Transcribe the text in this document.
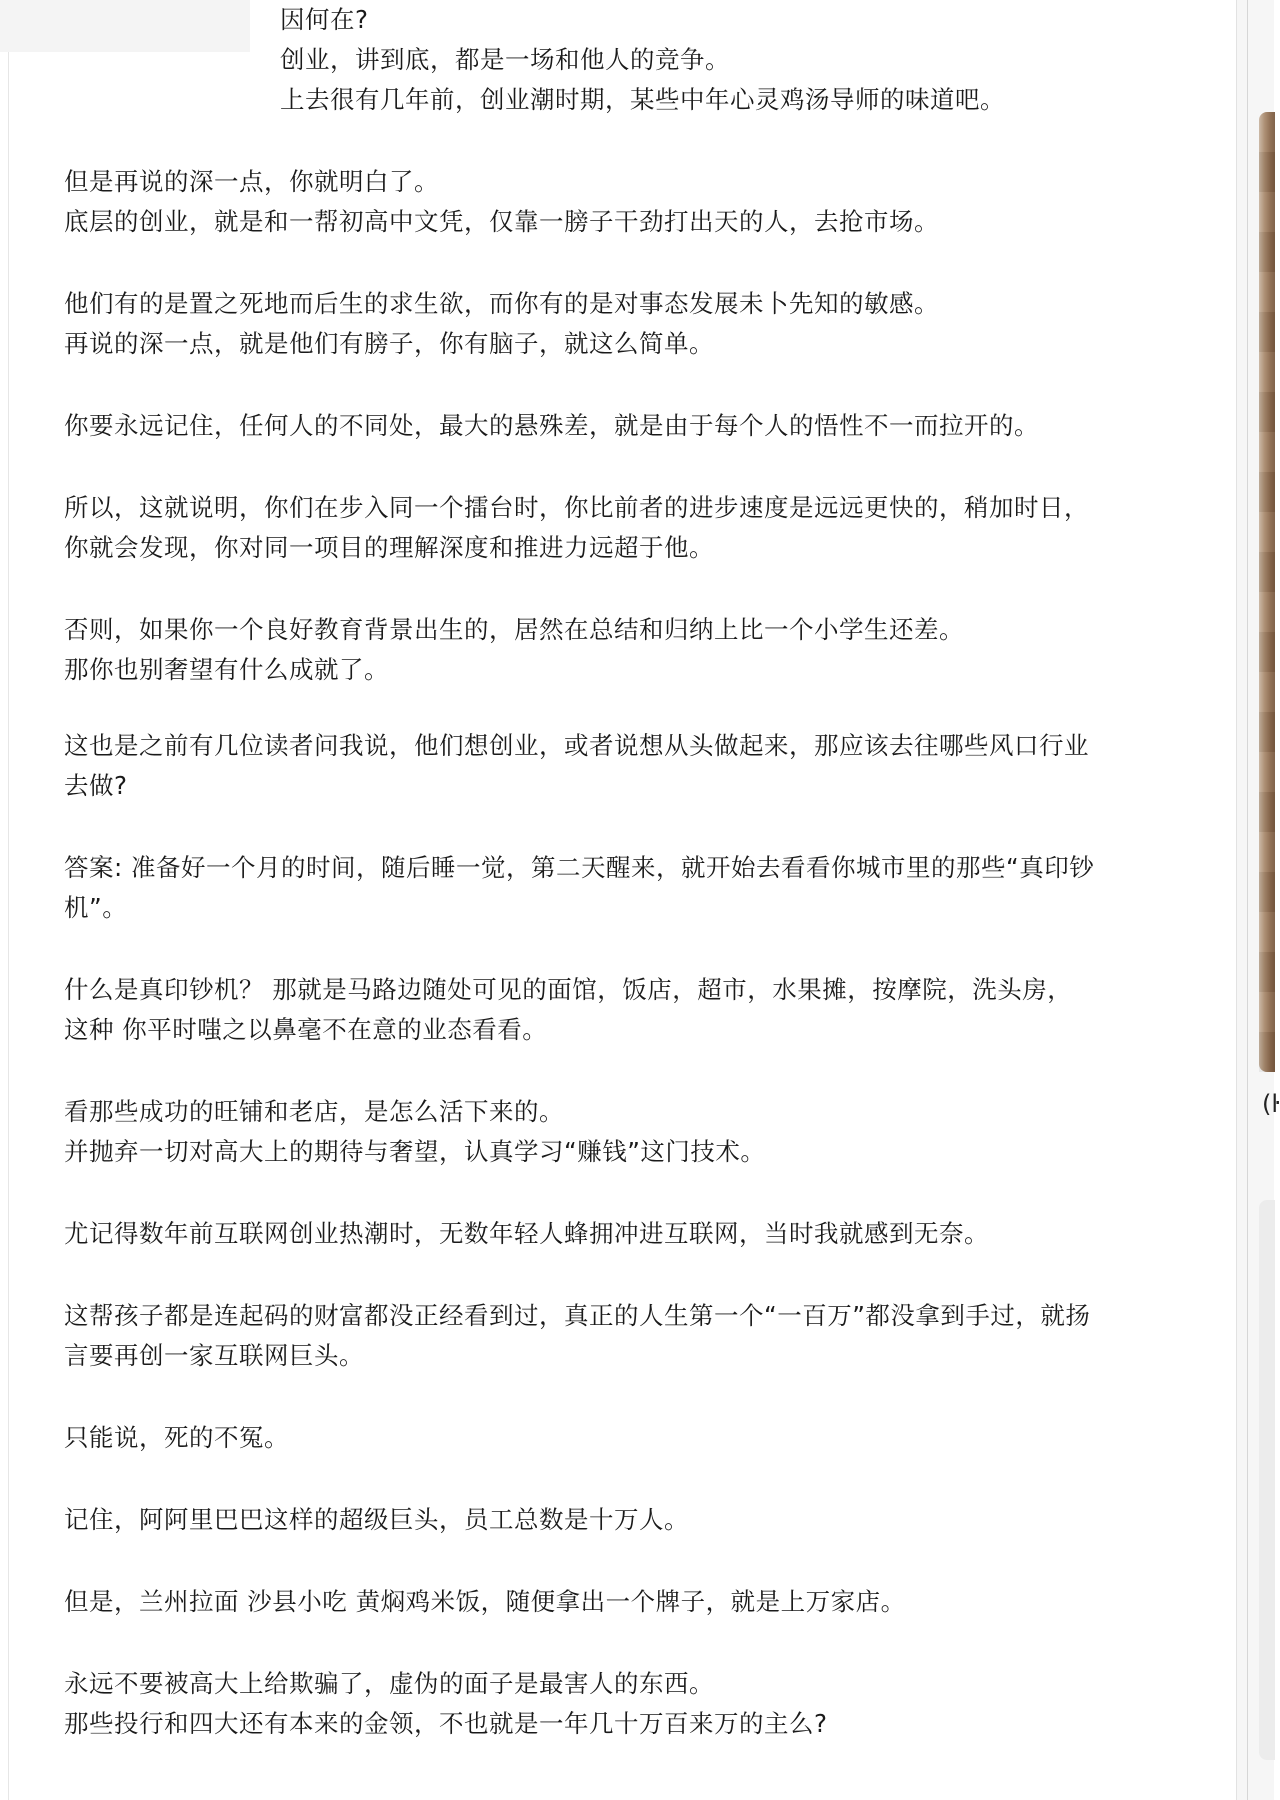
因何在?
创业，讲到底，都是一场和他人的竞争。
上去很有几年前，创业潮时期，某些中年心灵鸡汤导师的味道吧。
但是再说的深一点，你就明白了。
底层的创业，就是和一帮初高中文凭，仅靠一膀子干劲打出天的人，去抢市场。
他们有的是置之死地而后生的求生欲，而你有的是对事态发展未卜先知的敏感。
再说的深一点，就是他们有膀子，你有脑子，就这么简单。
你要永远记住，任何人的不同处，最大的悬殊差，就是由于每个人的悟性不一而拉开的。
所以，这就说明，你们在步入同一个擂台时，你比前者的进步速度是远远更快的，稍加时日，
你就会发现，你对同一项目的理解深度和推进力远超于他。
否则，如果你一个良好教育背景出生的，居然在总结和归纳上比一个小学生还差。
那你也别奢望有什么成就了。
这也是之前有几位读者问我说，他们想创业，或者说想从头做起来，那应该去往哪些风口行业
去做?
答案: 准备好一个月的时间，随后睡一觉，第二天醒来，就开始去看看你城市里的那些“真印钞
机”。
什么是真印钞机？ 那就是马路边随处可见的面馆，饭店，超市，水果摊，按摩院，洗头房，
这种 你平时嗤之以鼻毫不在意的业态看看。
看那些成功的旺铺和老店，是怎么活下来的。
并抛弃一切对高大上的期待与奢望，认真学习“赚钱”这门技术。
尤记得数年前互联网创业热潮时，无数年轻人蜂拥冲进互联网，当时我就感到无奈。
这帮孩子都是连起码的财富都没正经看到过，真正的人生第一个“一百万”都没拿到手过，就扬
言要再创一家互联网巨头。
只能说，死的不冤。
记住，阿阿里巴巴这样的超级巨头，员工总数是十万人。
但是，兰州拉面 沙县小吃 黄焖鸡米饭，随便拿出一个牌子，就是上万家店。
永远不要被高大上给欺骗了，虚伪的面子是最害人的东西。
那些投行和四大还有本来的金领，不也就是一年几十万百来万的主么?
(ŀ
